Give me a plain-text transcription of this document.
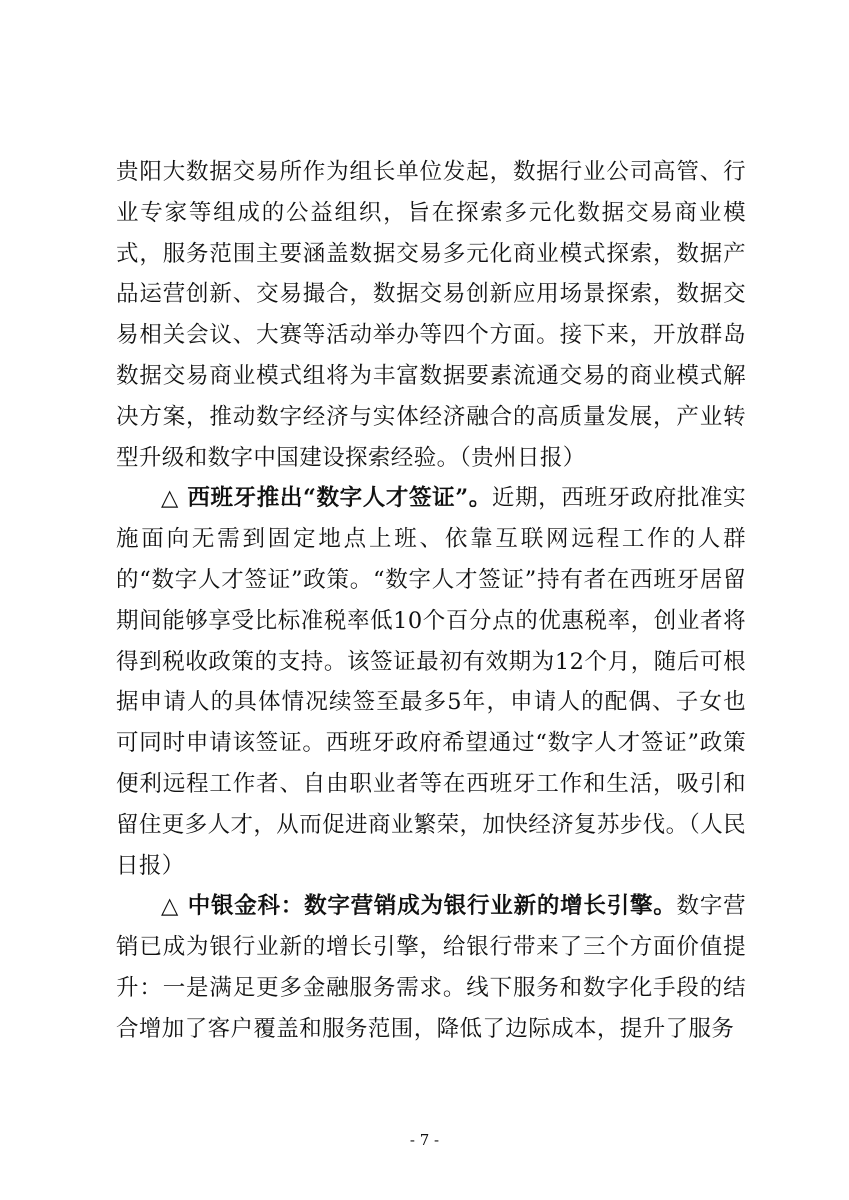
贵阳大数据交易所作为组长单位发起，数据行业公司高管、行业专家等组成的公益组织，旨在探索多元化数据交易商业模式，服务范围主要涵盖数据交易多元化商业模式探索，数据产品运营创新、交易撮合，数据交易创新应用场景探索，数据交易相关会议、大赛等活动举办等四个方面。接下来，开放群岛数据交易商业模式组将为丰富数据要素流通交易的商业模式解决方案，推动数字经济与实体经济融合的高质量发展，产业转型升级和数字中国建设探索经验。（贵州日报）

△ 西班牙推出“数字人才签证”。近期，西班牙政府批准实施面向无需到固定地点上班、依靠互联网远程工作的人群的“数字人才签证”政策。“数字人才签证”持有者在西班牙居留期间能够享受比标准税率低10个百分点的优惠税率，创业者将得到税收政策的支持。该签证最初有效期为12个月，随后可根据申请人的具体情况续签至最多5年，申请人的配偶、子女也可同时申请该签证。西班牙政府希望通过“数字人才签证”政策便利远程工作者、自由职业者等在西班牙工作和生活，吸引和留住更多人才，从而促进商业繁荣，加快经济复苏步伐。（人民日报）

△ 中银金科：数字营销成为银行业新的增长引擎。数字营销已成为银行业新的增长引擎，给银行带来了三个方面价值提升：一是满足更多金融服务需求。线下服务和数字化手段的结合增加了客户覆盖和服务范围，降低了边际成本，提升了服务

- 7 -
